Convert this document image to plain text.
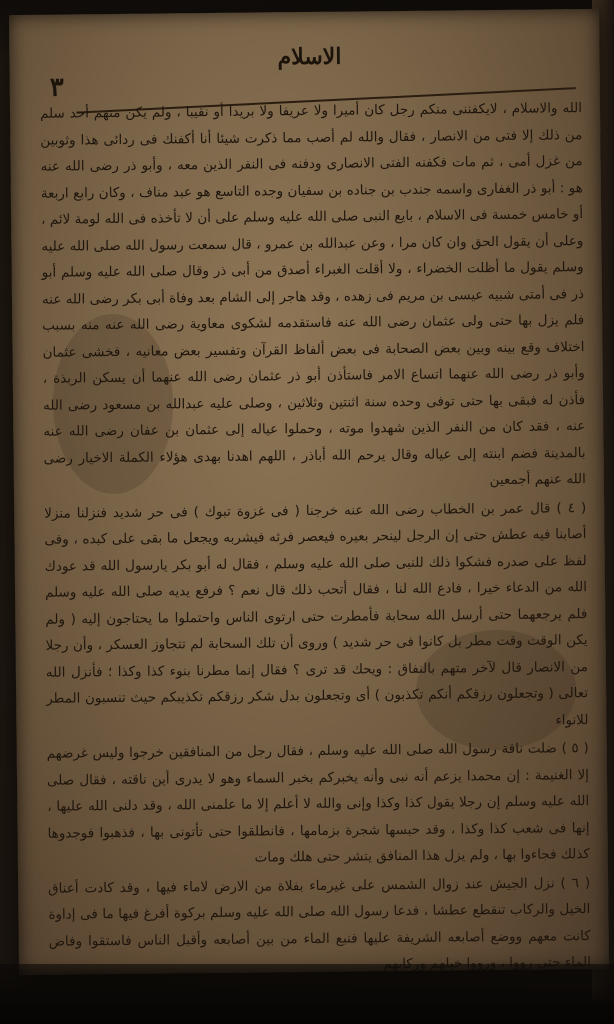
الاسلام
٣

الله والاسلام ، لايكفننى منكم رجل كان أميرا ولا عريفا ولا بريدا أو نقيبا ، ولم يكن منهم أحد سلم من ذلك إلا فتى من الانصار ، فقال والله لم أصب مما ذكرت شيئا أنا أكفنك فى ردائى هذا وثوبين من غزل أمى ، ثم مات فكفنه الفتى الانصارى ودفنه فى النفر الذين معه ، وأبو ذر رضى الله عنه هو : أبو ذر الغفارى واسمه جندب بن جناده بن سفيان وجده التاسع هو عبد مناف ، وكان رابع اربعة أو خامس خمسة فى الاسلام ، بايع النبى صلى الله عليه وسلم على أن لا تأخذه فى الله لومة لائم ، وعلى أن يقول الحق وان كان مرا ، وعن عبدالله بن عمرو ، قال سمعت رسول الله صلى الله عليه وسلم يقول ما أظلت الخضراء ، ولا أقلت الغبراء أصدق من أبى ذر وقال صلى الله عليه وسلم أبو ذر فى أمتى شبيه عيسى بن مريم فى زهده ، وقد هاجر إلى الشام بعد وفاة أبى بكر رضى الله عنه فلم يزل بها حتى ولى عثمان رضى الله عنه فاستقدمه لشكوى معاوية رضى الله عنه منه بسبب اختلاف وقع بينه وبين بعض الصحابة فى بعض ألفاظ القرآن وتفسير بعض معانيه ، فخشى عثمان وأبو ذر رضى الله عنهما اتساع الامر فاستأذن أبو ذر عثمان رضى الله عنهما أن يسكن الربذة ، فأذن له فبقى بها حتى توفى وحده سنة اثنتين وثلاثين ، وصلى عليه عبدالله بن مسعود رضى الله عنه ، فقد كان من النفر الذين شهدوا موته ، وحملوا عياله إلى عثمان بن عفان رضى الله عنه بالمدينة فضم ابنته إلى عياله وقال يرحم الله أباذر ، اللهم اهدنا بهدى هؤلاء الكملة الاخيار رضى الله عنهم أجمعين

( ٤ ) قال عمر بن الخطاب رضى الله عنه خرجنا ( فى غزوة تبوك ) فى حر شديد فنزلنا منزلا أصابنا فيه عطش حتى إن الرجل لينحر بعيره فيعصر فرثه فيشربه ويجعل ما بقى على كبده ، وفى لفظ على صدره فشكوا ذلك للنبى صلى الله عليه وسلم ، فقال له أبو بكر يارسول الله قد عودك الله من الدعاء خيرا ، فادع الله لنا ، فقال أتحب ذلك قال نعم ؟ فرفع يديه صلى الله عليه وسلم فلم يرجعهما حتى أرسل الله سحابة فأمطرت حتى ارتوى الناس واحتملوا ما يحتاجون إليه ( ولم يكن الوقت وقت مطر بل كانوا فى حر شديد ) وروى أن تلك السحابة لم تتجاوز العسكر ، وأن رجلا من الانصار قال لآخر متهم بالنفاق : ويحك قد ترى ؟ فقال إنما مطرنا بنوء كذا وكذا ؛ فأنزل الله تعالى ( وتجعلون رزقكم أنكم تكذبون ) أى وتجعلون بدل شكر رزقكم تكذيبكم حيث تنسبون المطر للانواء

( ٥ ) ضلت ناقة رسول الله صلى الله عليه وسلم ، فقال رجل من المنافقين خرجوا وليس غرضهم إلا الغنيمة : إن محمدا يزعم أنه نبى وأنه يخبركم بخبر السماء وهو لا يدرى أين ناقته ، فقال صلى الله عليه وسلم إن رجلا يقول كذا وكذا وإنى والله لا أعلم إلا ما علمنى الله ، وقد دلنى الله عليها ، إنها فى شعب كذا وكذا ، وقد حبسها شجرة بزمامها ، فانطلقوا حتى تأتونى بها ، فذهبوا فوجدوها كذلك فجاءوا بها ، ولم يزل هذا المنافق يتشر حتى هلك ومات

( ٦ ) نزل الجيش عند زوال الشمس على غيرماء بفلاة من الارض لاماء فيها ، وقد كادت أعناق الخيل والركاب تنقطع عطشا ، فدعا رسول الله صلى الله عليه وسلم بركوة أفرغ فيها ما فى إداوة كانت معهم ووضع أصابعه الشريفة عليها فنبع الماء من بين أصابعه وأقبل الناس فاستقوا وفاض الماء حتى رووا ،
